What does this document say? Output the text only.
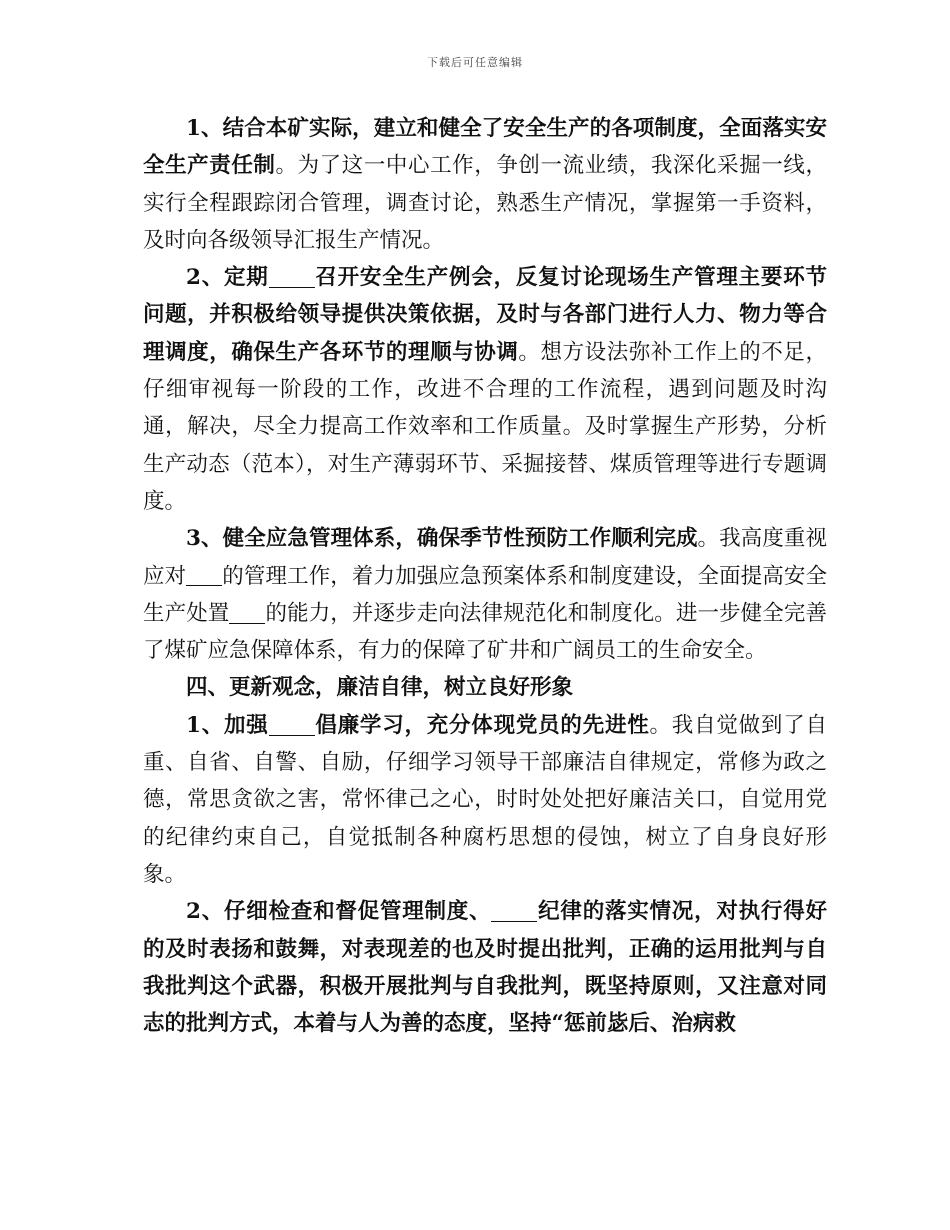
下载后可任意编辑

1、结合本矿实际，建立和健全了安全生产的各项制度，全面落实安全生产责任制。为了这一中心工作，争创一流业绩，我深化采掘一线，实行全程跟踪闭合管理，调查讨论，熟悉生产情况，掌握第一手资料，及时向各级领导汇报生产情况。

2、定期 召开安全生产例会，反复讨论现场生产管理主要环节问题，并积极给领导提供决策依据，及时与各部门进行人力、物力等合理调度，确保生产各环节的理顺与协调。想方设法弥补工作上的不足，仔细审视每一阶段的工作，改进不合理的工作流程，遇到问题及时沟通，解决，尽全力提高工作效率和工作质量。及时掌握生产形势，分析生产动态（范本），对生产薄弱环节、采掘接替、煤质管理等进行专题调度。

3、健全应急管理体系，确保季节性预防工作顺利完成。我高度重视应对 的管理工作，着力加强应急预案体系和制度建设，全面提高安全生产处置 的能力，并逐步走向法律规范化和制度化。进一步健全完善了煤矿应急保障体系，有力的保障了矿井和广阔员工的生命安全。

四、更新观念，廉洁自律，树立良好形象

1、加强 倡廉学习，充分体现党员的先进性。我自觉做到了自重、自省、自警、自励，仔细学习领导干部廉洁自律规定，常修为政之德，常思贪欲之害，常怀律己之心，时时处处把好廉洁关口，自觉用党的纪律约束自己，自觉抵制各种腐朽思想的侵蚀，树立了自身良好形象。

2、仔细检查和督促管理制度、 纪律的落实情况，对执行得好的及时表扬和鼓舞，对表现差的也及时提出批判，正确的运用批判与自我批判这个武器，积极开展批判与自我批判，既坚持原则，又注意对同志的批判方式，本着与人为善的态度，坚持“惩前毖后、治病救
